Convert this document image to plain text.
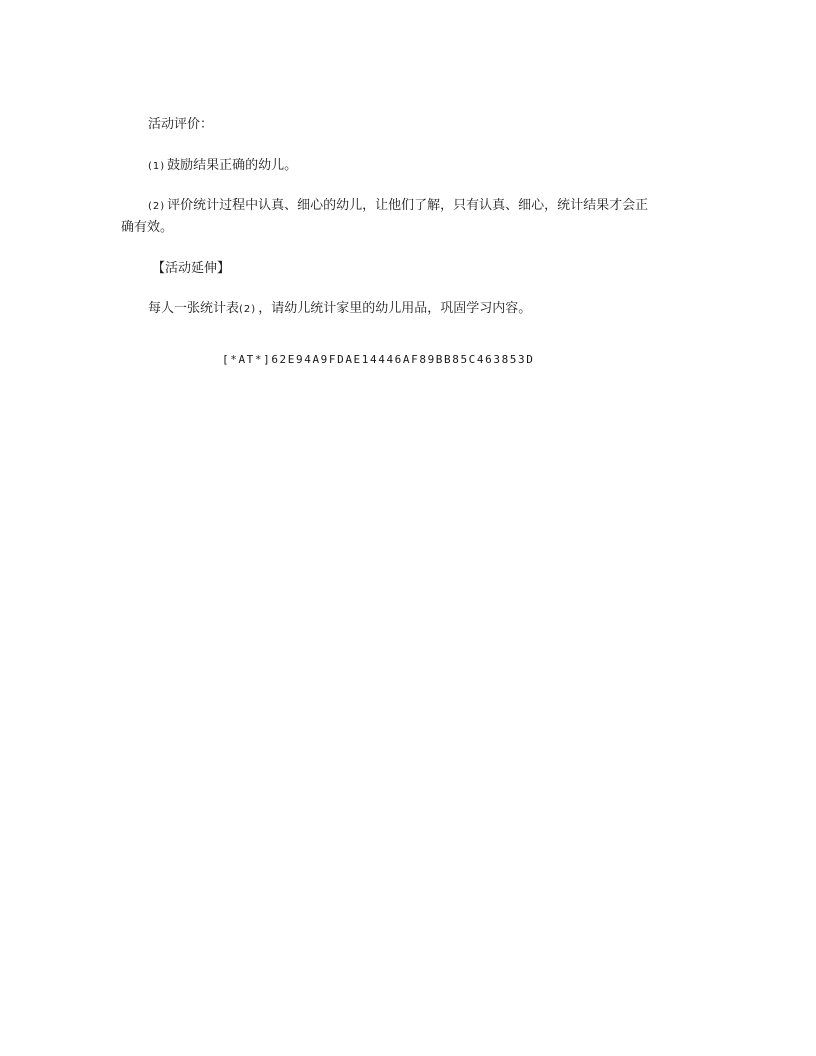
活动评价：
(1) 鼓励结果正确的幼儿。
(2) 评价统计过程中认真、细心的幼儿，让他们了解，只有认真、细心，统计结果才会正
确有效。
【活动延伸】
每人一张统计表(2) ，请幼儿统计家里的幼儿用品，巩固学习内容。
[*AT*]62E94A9FDAE14446AF89BB85C463853D
